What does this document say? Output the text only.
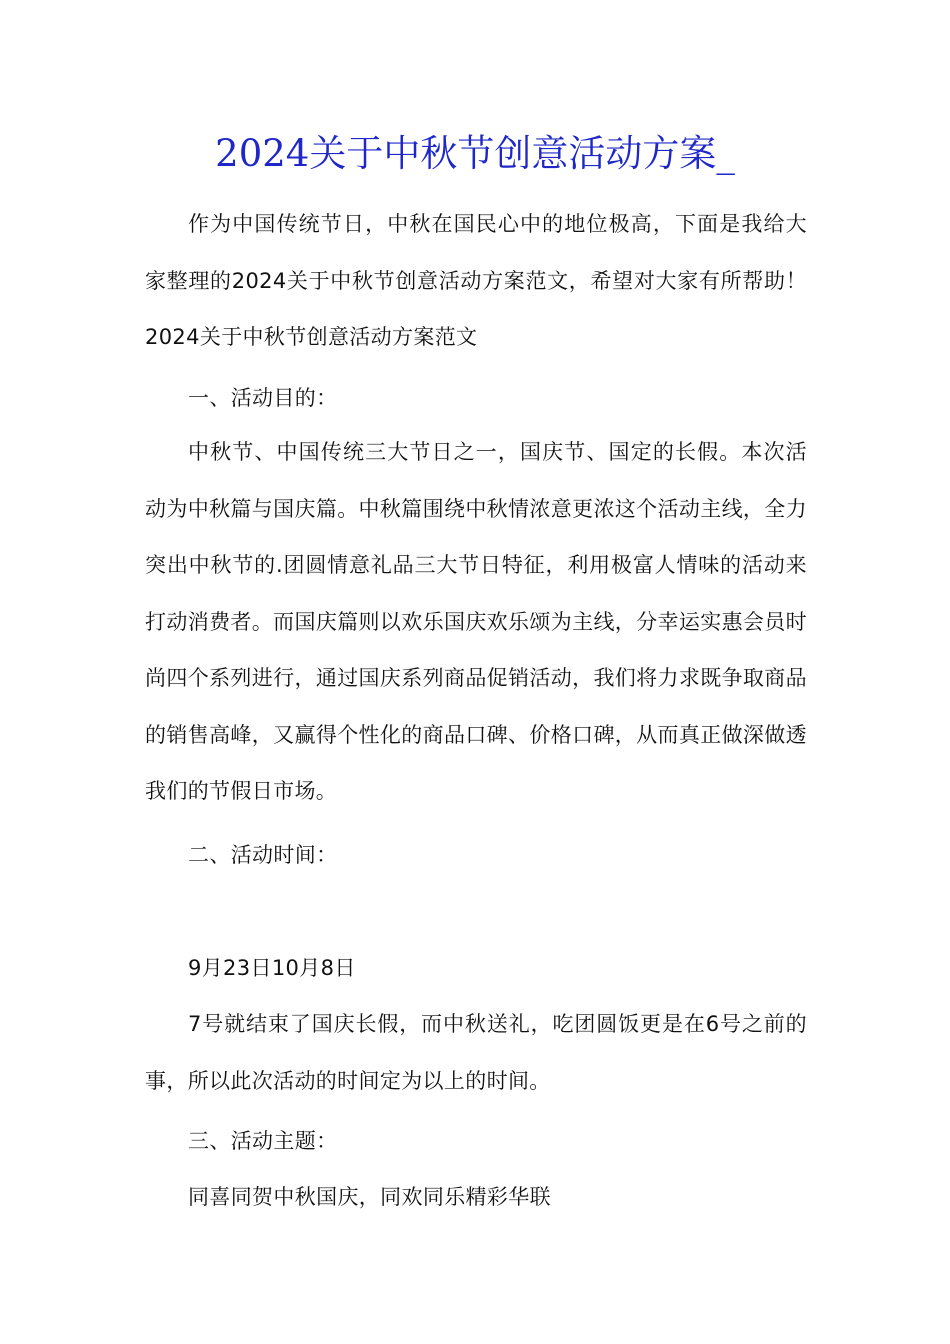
2024关于中秋节创意活动方案_

作为中国传统节日，中秋在国民心中的地位极高，下面是我给大家整理的2024关于中秋节创意活动方案范文，希望对大家有所帮助！2024关于中秋节创意活动方案范文

一、活动目的：

中秋节、中国传统三大节日之一，国庆节、国定的长假。本次活动为中秋篇与国庆篇。中秋篇围绕中秋情浓意更浓这个活动主线，全力突出中秋节的.团圆情意礼品三大节日特征，利用极富人情味的活动来打动消费者。而国庆篇则以欢乐国庆欢乐颂为主线，分幸运实惠会员时尚四个系列进行，通过国庆系列商品促销活动，我们将力求既争取商品的销售高峰，又赢得个性化的商品口碑、价格口碑，从而真正做深做透我们的节假日市场。

二、活动时间：

9月23日10月8日

7号就结束了国庆长假，而中秋送礼，吃团圆饭更是在6号之前的事，所以此次活动的时间定为以上的时间。

三、活动主题：

同喜同贺中秋国庆，同欢同乐精彩华联
